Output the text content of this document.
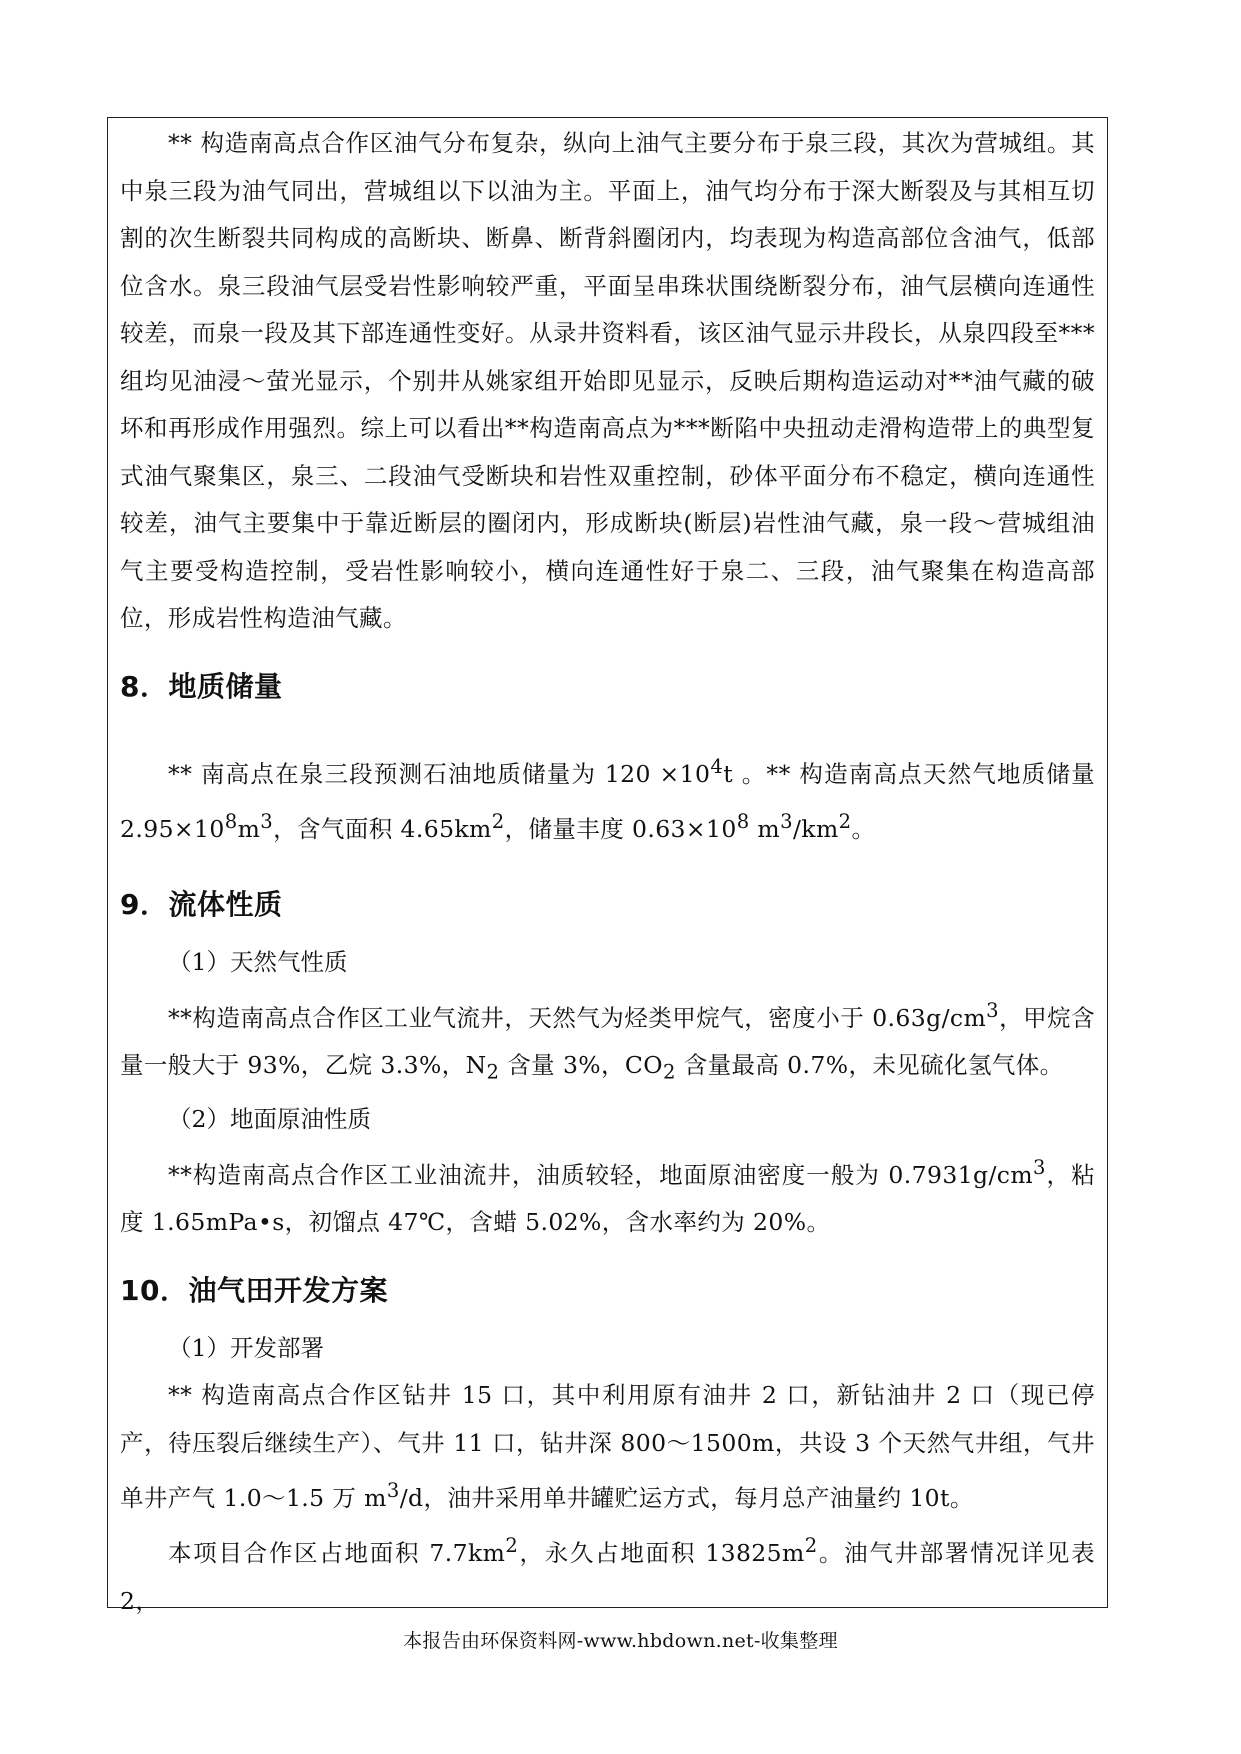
** 构造南高点合作区油气分布复杂，纵向上油气主要分布于泉三段，其次为营城组。其中泉三段为油气同出，营城组以下以油为主。平面上，油气均分布于深大断裂及与其相互切割的次生断裂共同构成的高断块、断鼻、断背斜圈闭内，均表现为构造高部位含油气，低部位含水。泉三段油气层受岩性影响较严重，平面呈串珠状围绕断裂分布，油气层横向连通性较差，而泉一段及其下部连通性变好。从录井资料看，该区油气显示井段长，从泉四段至***组均见油浸～萤光显示，个别井从姚家组开始即见显示，反映后期构造运动对**油气藏的破坏和再形成作用强烈。综上可以看出**构造南高点为***断陷中央扭动走滑构造带上的典型复式油气聚集区，泉三、二段油气受断块和岩性双重控制，砂体平面分布不稳定，横向连通性较差，油气主要集中于靠近断层的圈闭内，形成断块(断层)岩性油气藏，泉一段～营城组油气主要受构造控制，受岩性影响较小，横向连通性好于泉二、三段，油气聚集在构造高部位，形成岩性构造油气藏。

8．地质储量

** 南高点在泉三段预测石油地质储量为 $120 \times 10^4t$ 。** 构造南高点天然气地质储量 $2.95\times 10^8m^3$，含气面积 $4.65km^2$，储量丰度 $0.63\times 10^8$ $m^3/km^2$。

9．流体性质

（1）天然气性质

**构造南高点合作区工业气流井，天然气为烃类甲烷气，密度小于 $0.63g/cm^3$，甲烷含量一般大于 93%，乙烷 3.3%，$N_2$ 含量 3%，$CO_2$ 含量最高 0.7%，未见硫化氢气体。

（2）地面原油性质

**构造南高点合作区工业油流井，油质较轻，地面原油密度一般为 $0.7931g/cm^3$，粘度 1.65mPa•s，初馏点 47℃，含蜡 5.02%，含水率约为 20%。

10．油气田开发方案

（1）开发部署

** 构造南高点合作区钻井 15 口，其中利用原有油井 2 口，新钻油井 2 口（现已停产，待压裂后继续生产）、气井 11 口，钻井深 800～1500m，共设 3 个天然气井组，气井单井产气 1.0～1.5 万 $m^3/d$，油井采用单井罐贮运方式，每月总产油量约 10t。

本项目合作区占地面积 $7.7km^2$，永久占地面积 $13825m^2$。油气井部署情况详见表 2，

本报告由环保资料网-www.hbdown.net-收集整理
